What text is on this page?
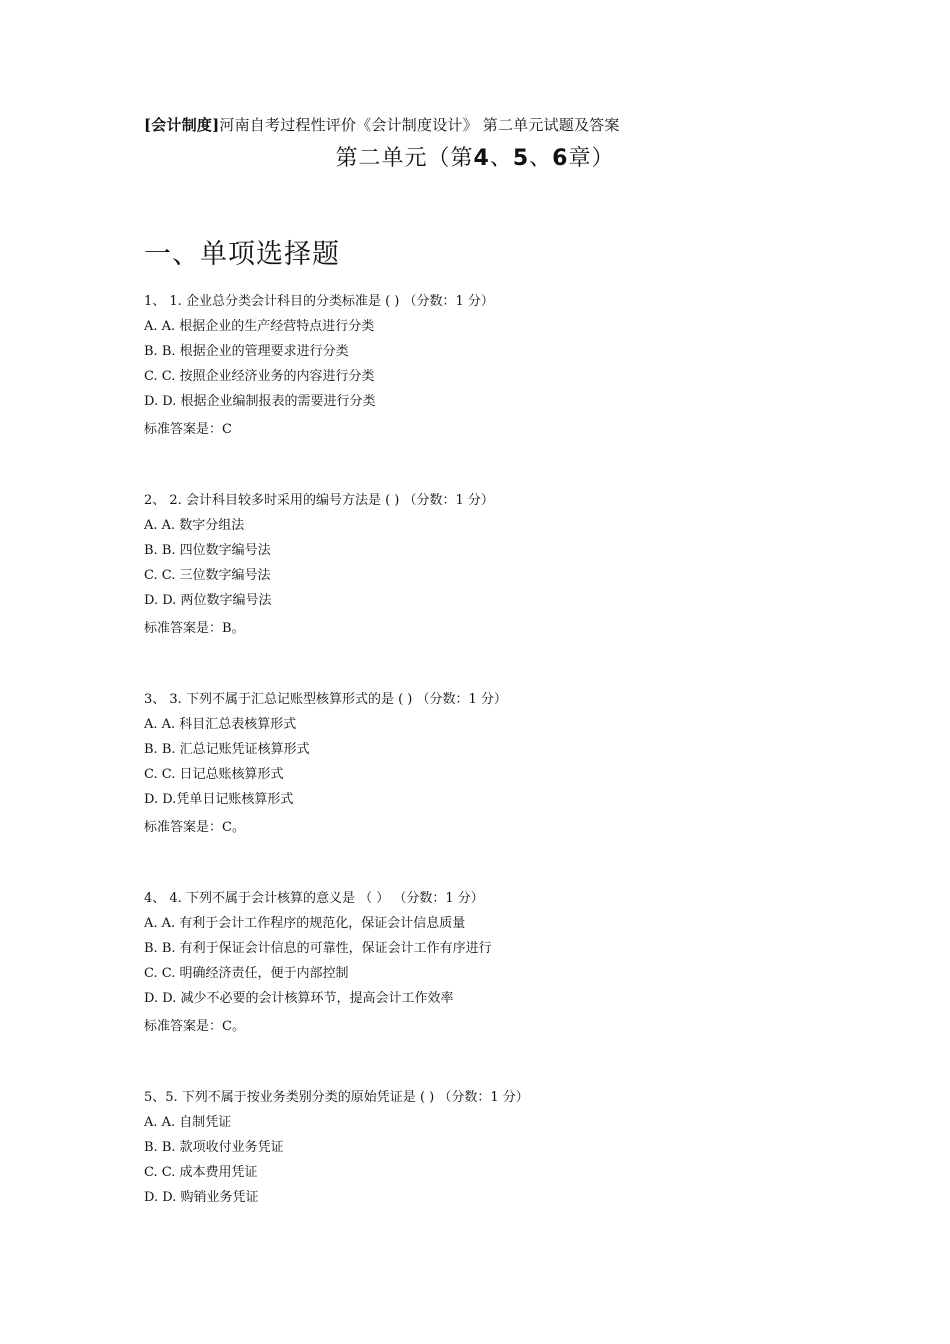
[会计制度]河南自考过程性评价《会计制度设计》 第二单元试题及答案
第二单元（第4、5、6章）
一、单项选择题
1、 1. 企业总分类会计科目的分类标准是 ( ) （分数：1 分）
A. A. 根据企业的生产经营特点进行分类
B. B. 根据企业的管理要求进行分类
C. C. 按照企业经济业务的内容进行分类
D. D. 根据企业编制报表的需要进行分类
标准答案是：C
2、 2. 会计科目较多时采用的编号方法是 ( ) （分数：1 分）
A. A. 数字分组法
B. B. 四位数字编号法
C. C. 三位数字编号法
D. D. 两位数字编号法
标准答案是：B。
3、 3. 下列不属于汇总记账型核算形式的是 ( ) （分数：1 分）
A. A. 科目汇总表核算形式
B. B. 汇总记账凭证核算形式
C. C. 日记总账核算形式
D. D.凭单日记账核算形式
标准答案是：C。
4、 4. 下列不属于会计核算的意义是 （ ） （分数：1 分）
A. A. 有利于会计工作程序的规范化，保证会计信息质量
B. B. 有利于保证会计信息的可靠性，保证会计工作有序进行
C. C. 明确经济责任，便于内部控制
D. D. 减少不必要的会计核算环节，提高会计工作效率
标准答案是：C。
5、5. 下列不属于按业务类别分类的原始凭证是 ( ) （分数：1 分）
A. A. 自制凭证
B. B. 款项收付业务凭证
C. C. 成本费用凭证
D. D. 购销业务凭证
